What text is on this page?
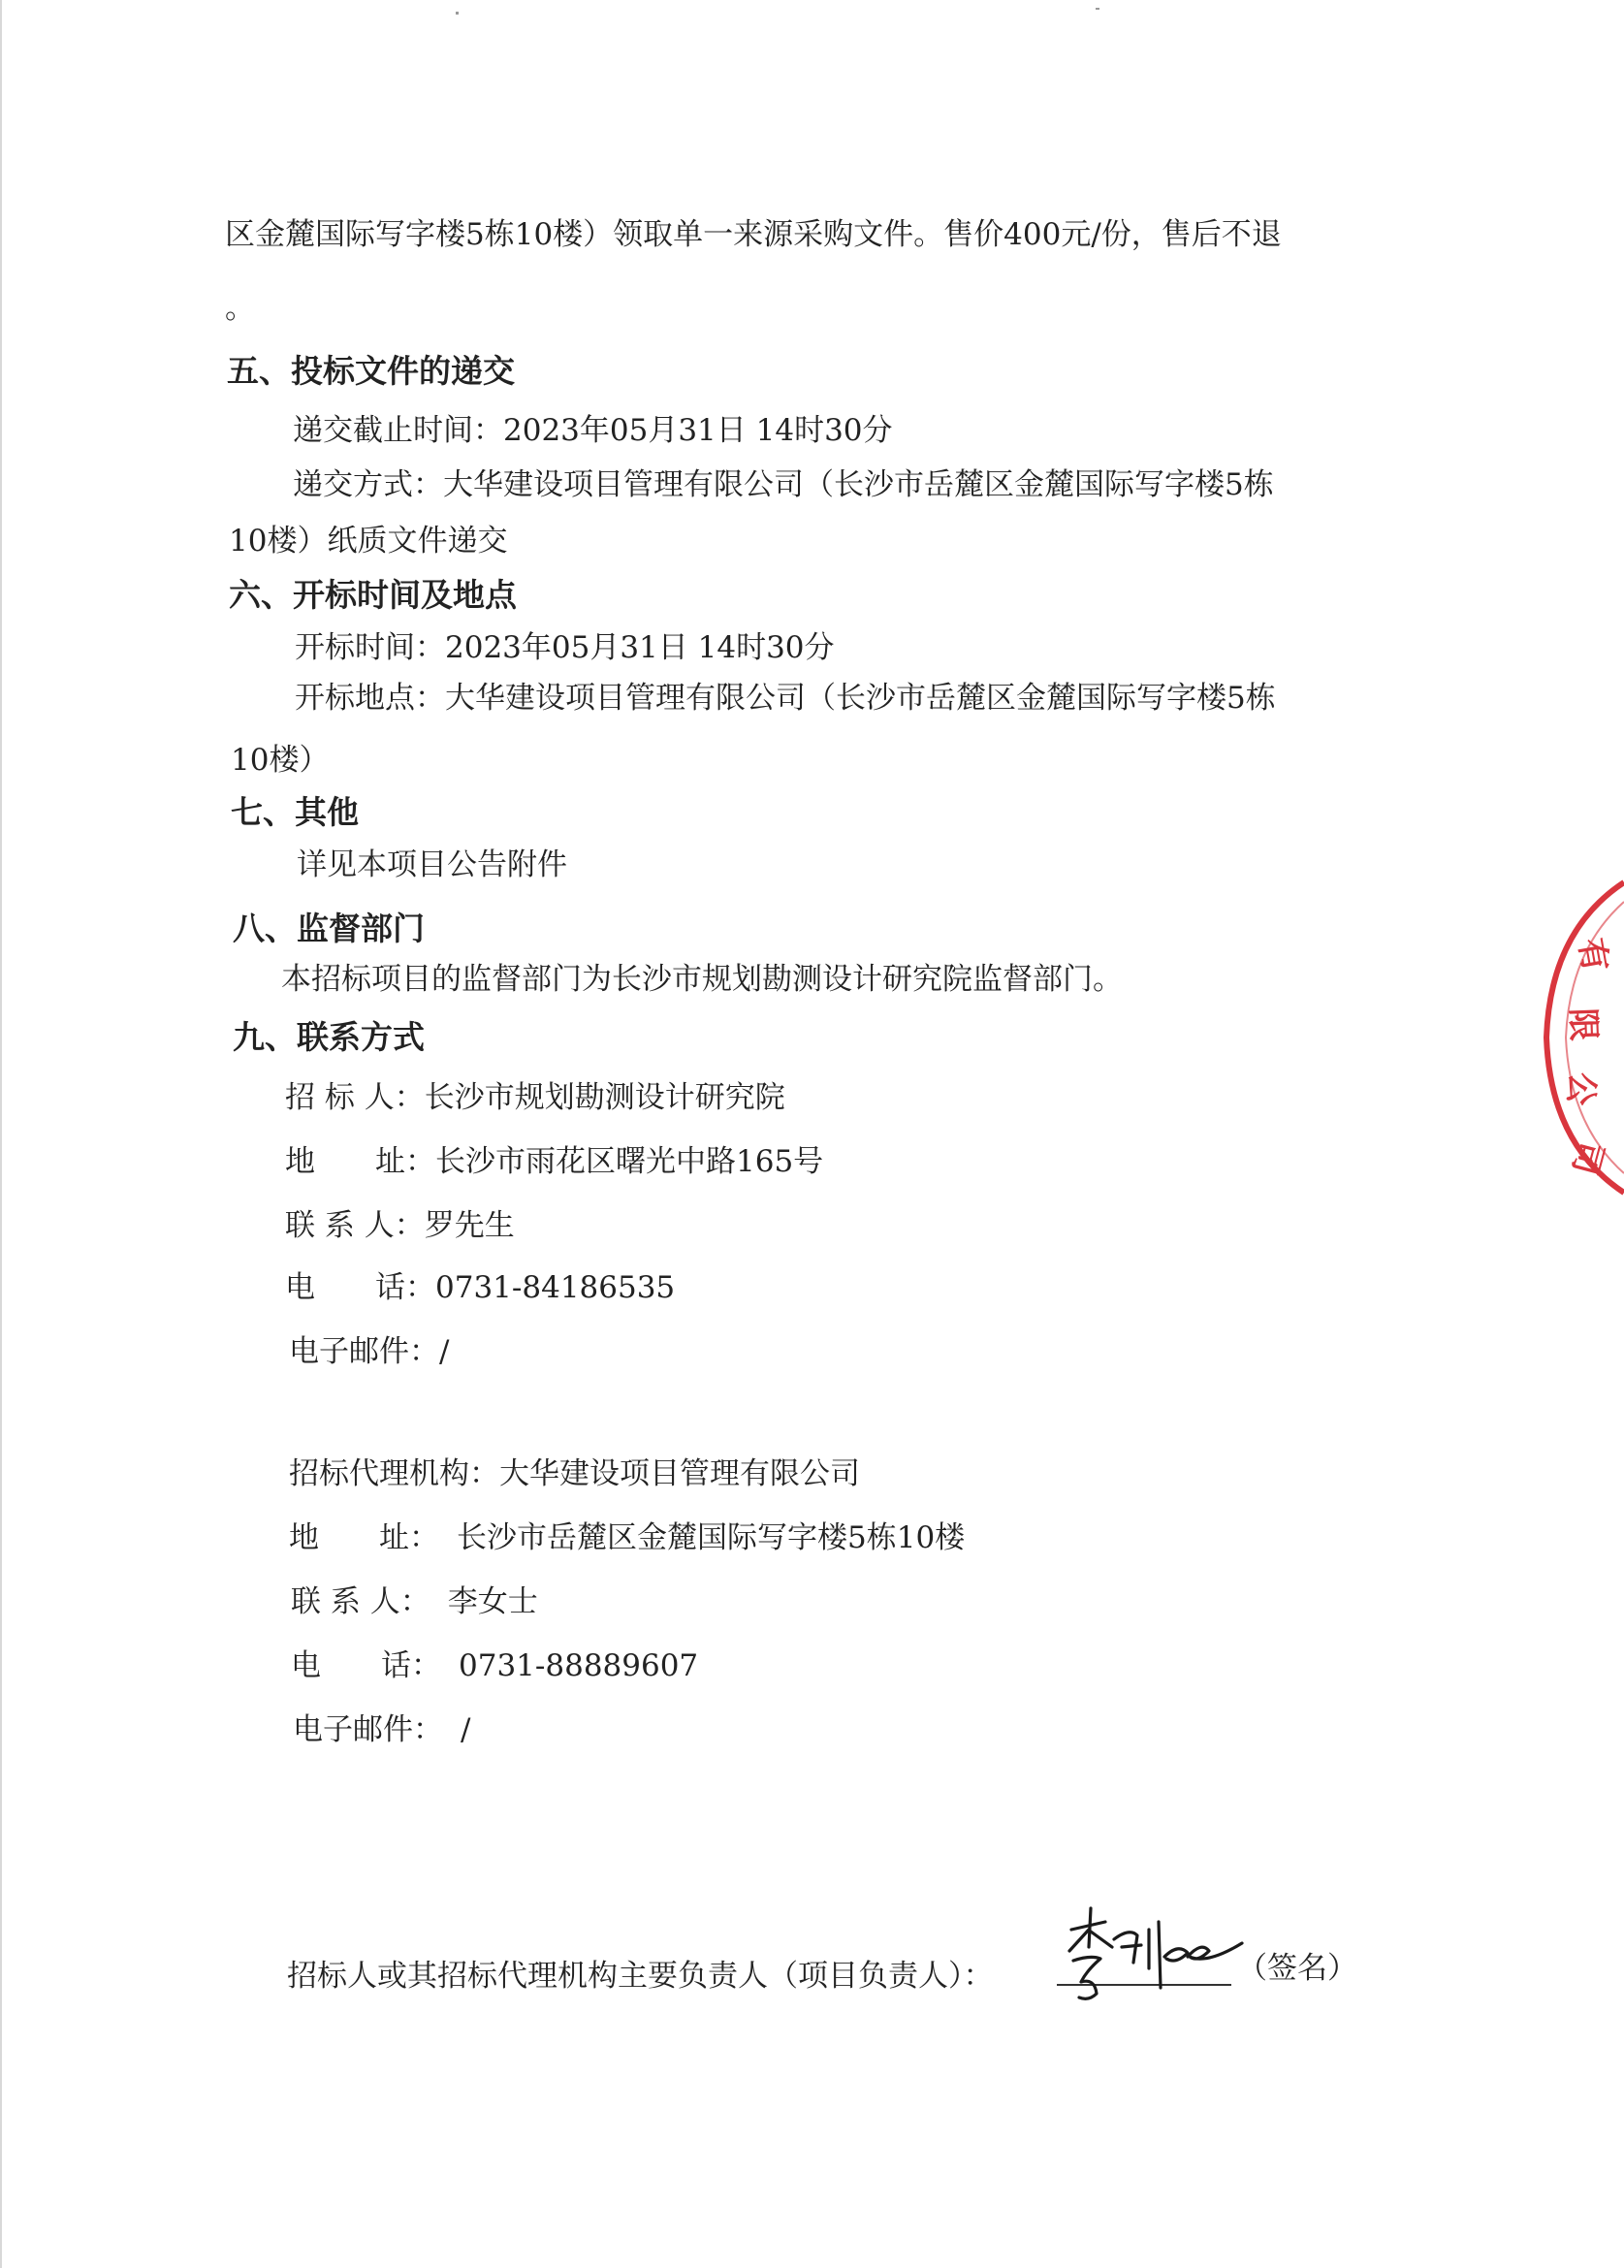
区金麓国际写字楼5栋10楼）领取单一来源采购文件。售价400元/份，售后不退
。
五、投标文件的递交
递交截止时间：2023年05月31日 14时30分
递交方式：大华建设项目管理有限公司（长沙市岳麓区金麓国际写字楼5栋
10楼）纸质文件递交
六、开标时间及地点
开标时间：2023年05月31日 14时30分
开标地点：大华建设项目管理有限公司（长沙市岳麓区金麓国际写字楼5栋
10楼）
七、其他
详见本项目公告附件
八、监督部门
本招标项目的监督部门为长沙市规划勘测设计研究院监督部门。
九、联系方式
招 标 人：长沙市规划勘测设计研究院
地　　址：长沙市雨花区曙光中路165号
联 系 人：罗先生
电　　话：0731-84186535
电子邮件：/
招标代理机构：大华建设项目管理有限公司
地　　址： 长沙市岳麓区金麓国际写字楼5栋10楼
联 系 人： 李女士
电　　话： 0731-88889607
电子邮件： /
招标人或其招标代理机构主要负责人（项目负责人）：	（签名）
有
限
公
司
